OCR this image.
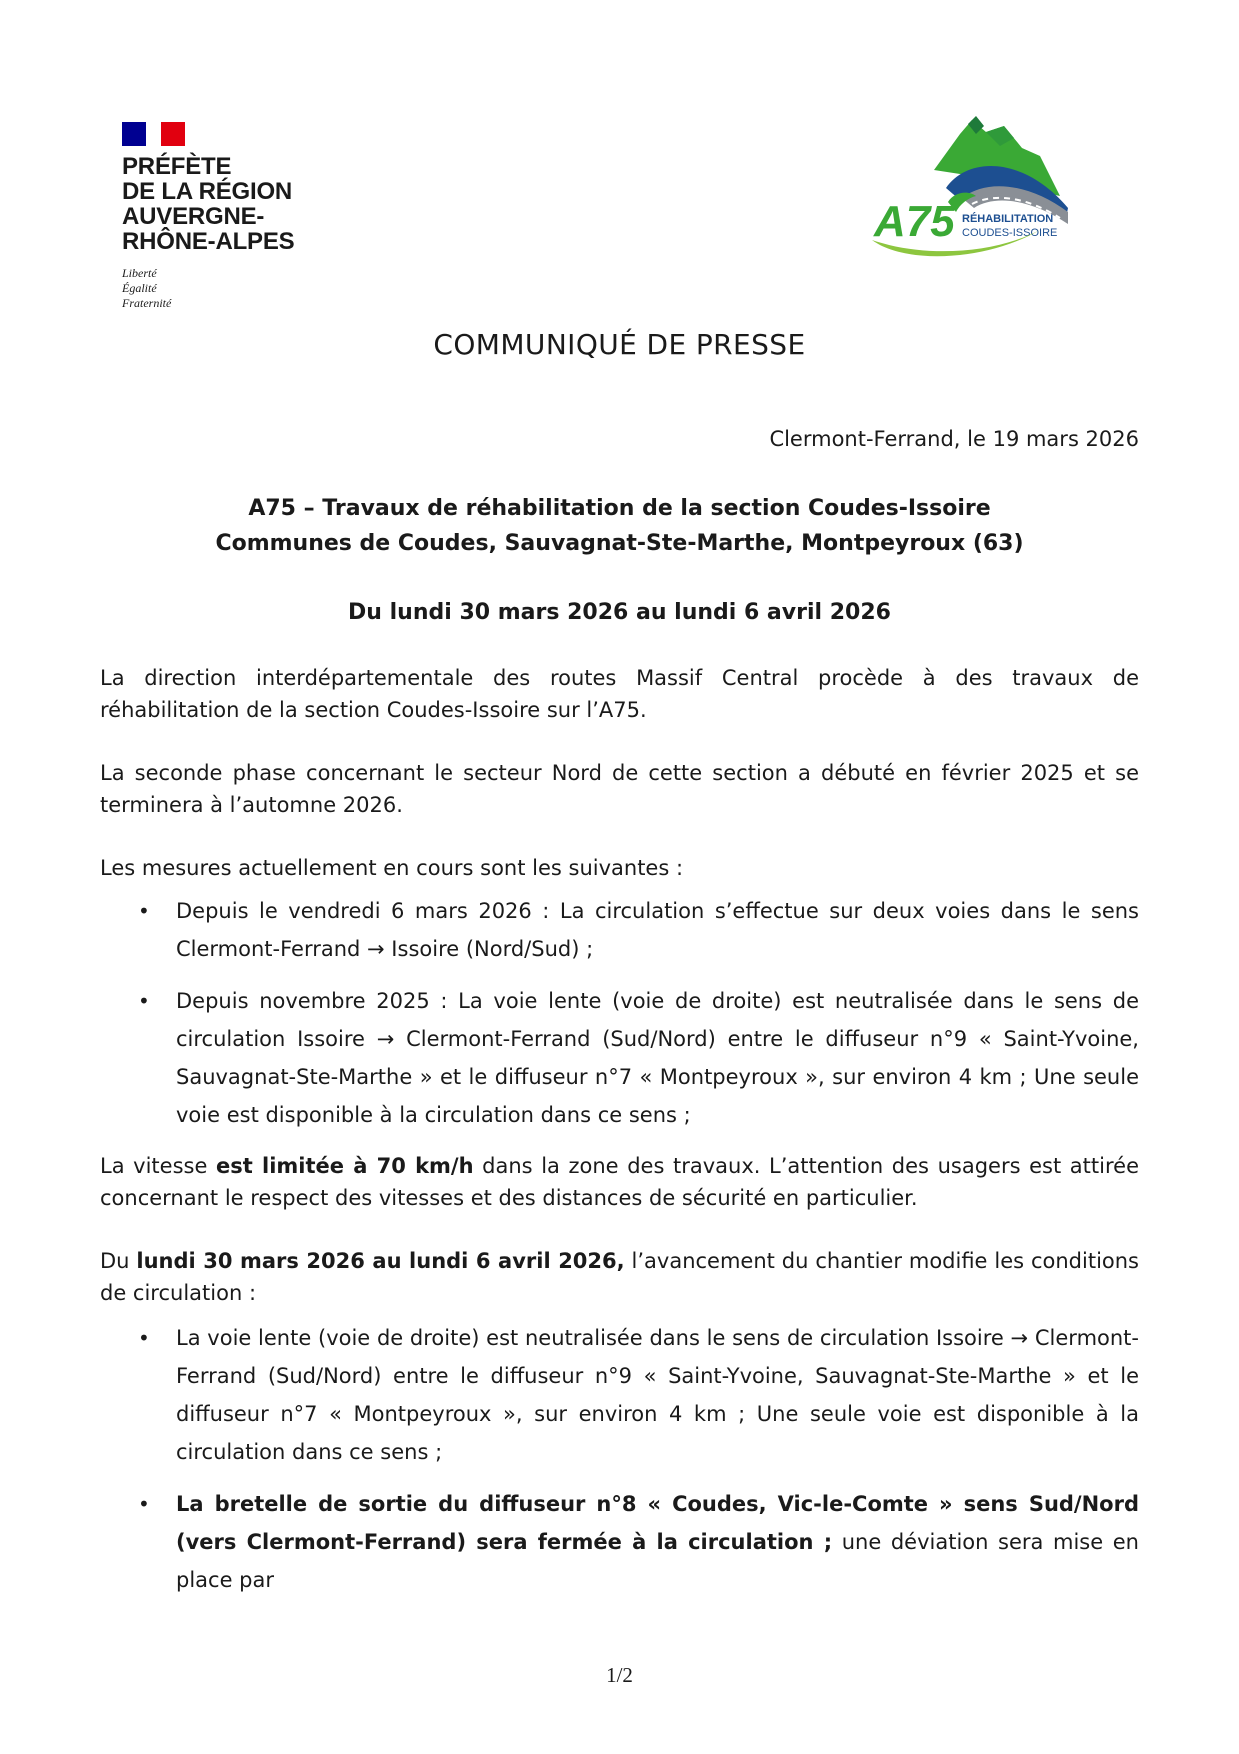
PRÉFÈTE
DE LA RÉGION
AUVERGNE-
RHÔNE-ALPES
Liberté
Égalité
Fraternité
A75 RÉHABILITATION
COUDES-ISSOIRE
COMMUNIQUÉ DE PRESSE
Clermont-Ferrand, le 19 mars 2026
A75 – Travaux de réhabilitation de la section Coudes-Issoire
Communes de Coudes, Sauvagnat-Ste-Marthe, Montpeyroux (63)
Du lundi 30 mars 2026 au lundi 6 avril 2026
La direction interdépartementale des routes Massif Central procède à des travaux de réhabilitation de la section Coudes-Issoire sur l’A75.
La seconde phase concernant le secteur Nord de cette section a débuté en février 2025 et se terminera à l’automne 2026.
Les mesures actuellement en cours sont les suivantes :
• Depuis le vendredi 6 mars 2026 : La circulation s’effectue sur deux voies dans le sens Clermont-Ferrand → Issoire (Nord/Sud) ;
• Depuis novembre 2025 : La voie lente (voie de droite) est neutralisée dans le sens de circulation Issoire → Clermont-Ferrand (Sud/Nord) entre le diffuseur n°9 « Saint-Yvoine, Sauvagnat-Ste-Marthe » et le diffuseur n°7 « Montpeyroux », sur environ 4 km ; Une seule voie est disponible à la circulation dans ce sens ;
La vitesse est limitée à 70 km/h dans la zone des travaux. L’attention des usagers est attirée concernant le respect des vitesses et des distances de sécurité en particulier.
Du lundi 30 mars 2026 au lundi 6 avril 2026, l’avancement du chantier modifie les conditions de circulation :
• La voie lente (voie de droite) est neutralisée dans le sens de circulation Issoire → Clermont-Ferrand (Sud/Nord) entre le diffuseur n°9 « Saint-Yvoine, Sauvagnat-Ste-Marthe » et le diffuseur n°7 « Montpeyroux », sur environ 4 km ; Une seule voie est disponible à la circulation dans ce sens ;
• La bretelle de sortie du diffuseur n°8 « Coudes, Vic-le-Comte » sens Sud/Nord (vers Clermont-Ferrand) sera fermée à la circulation ; une déviation sera mise en place par
1/2
